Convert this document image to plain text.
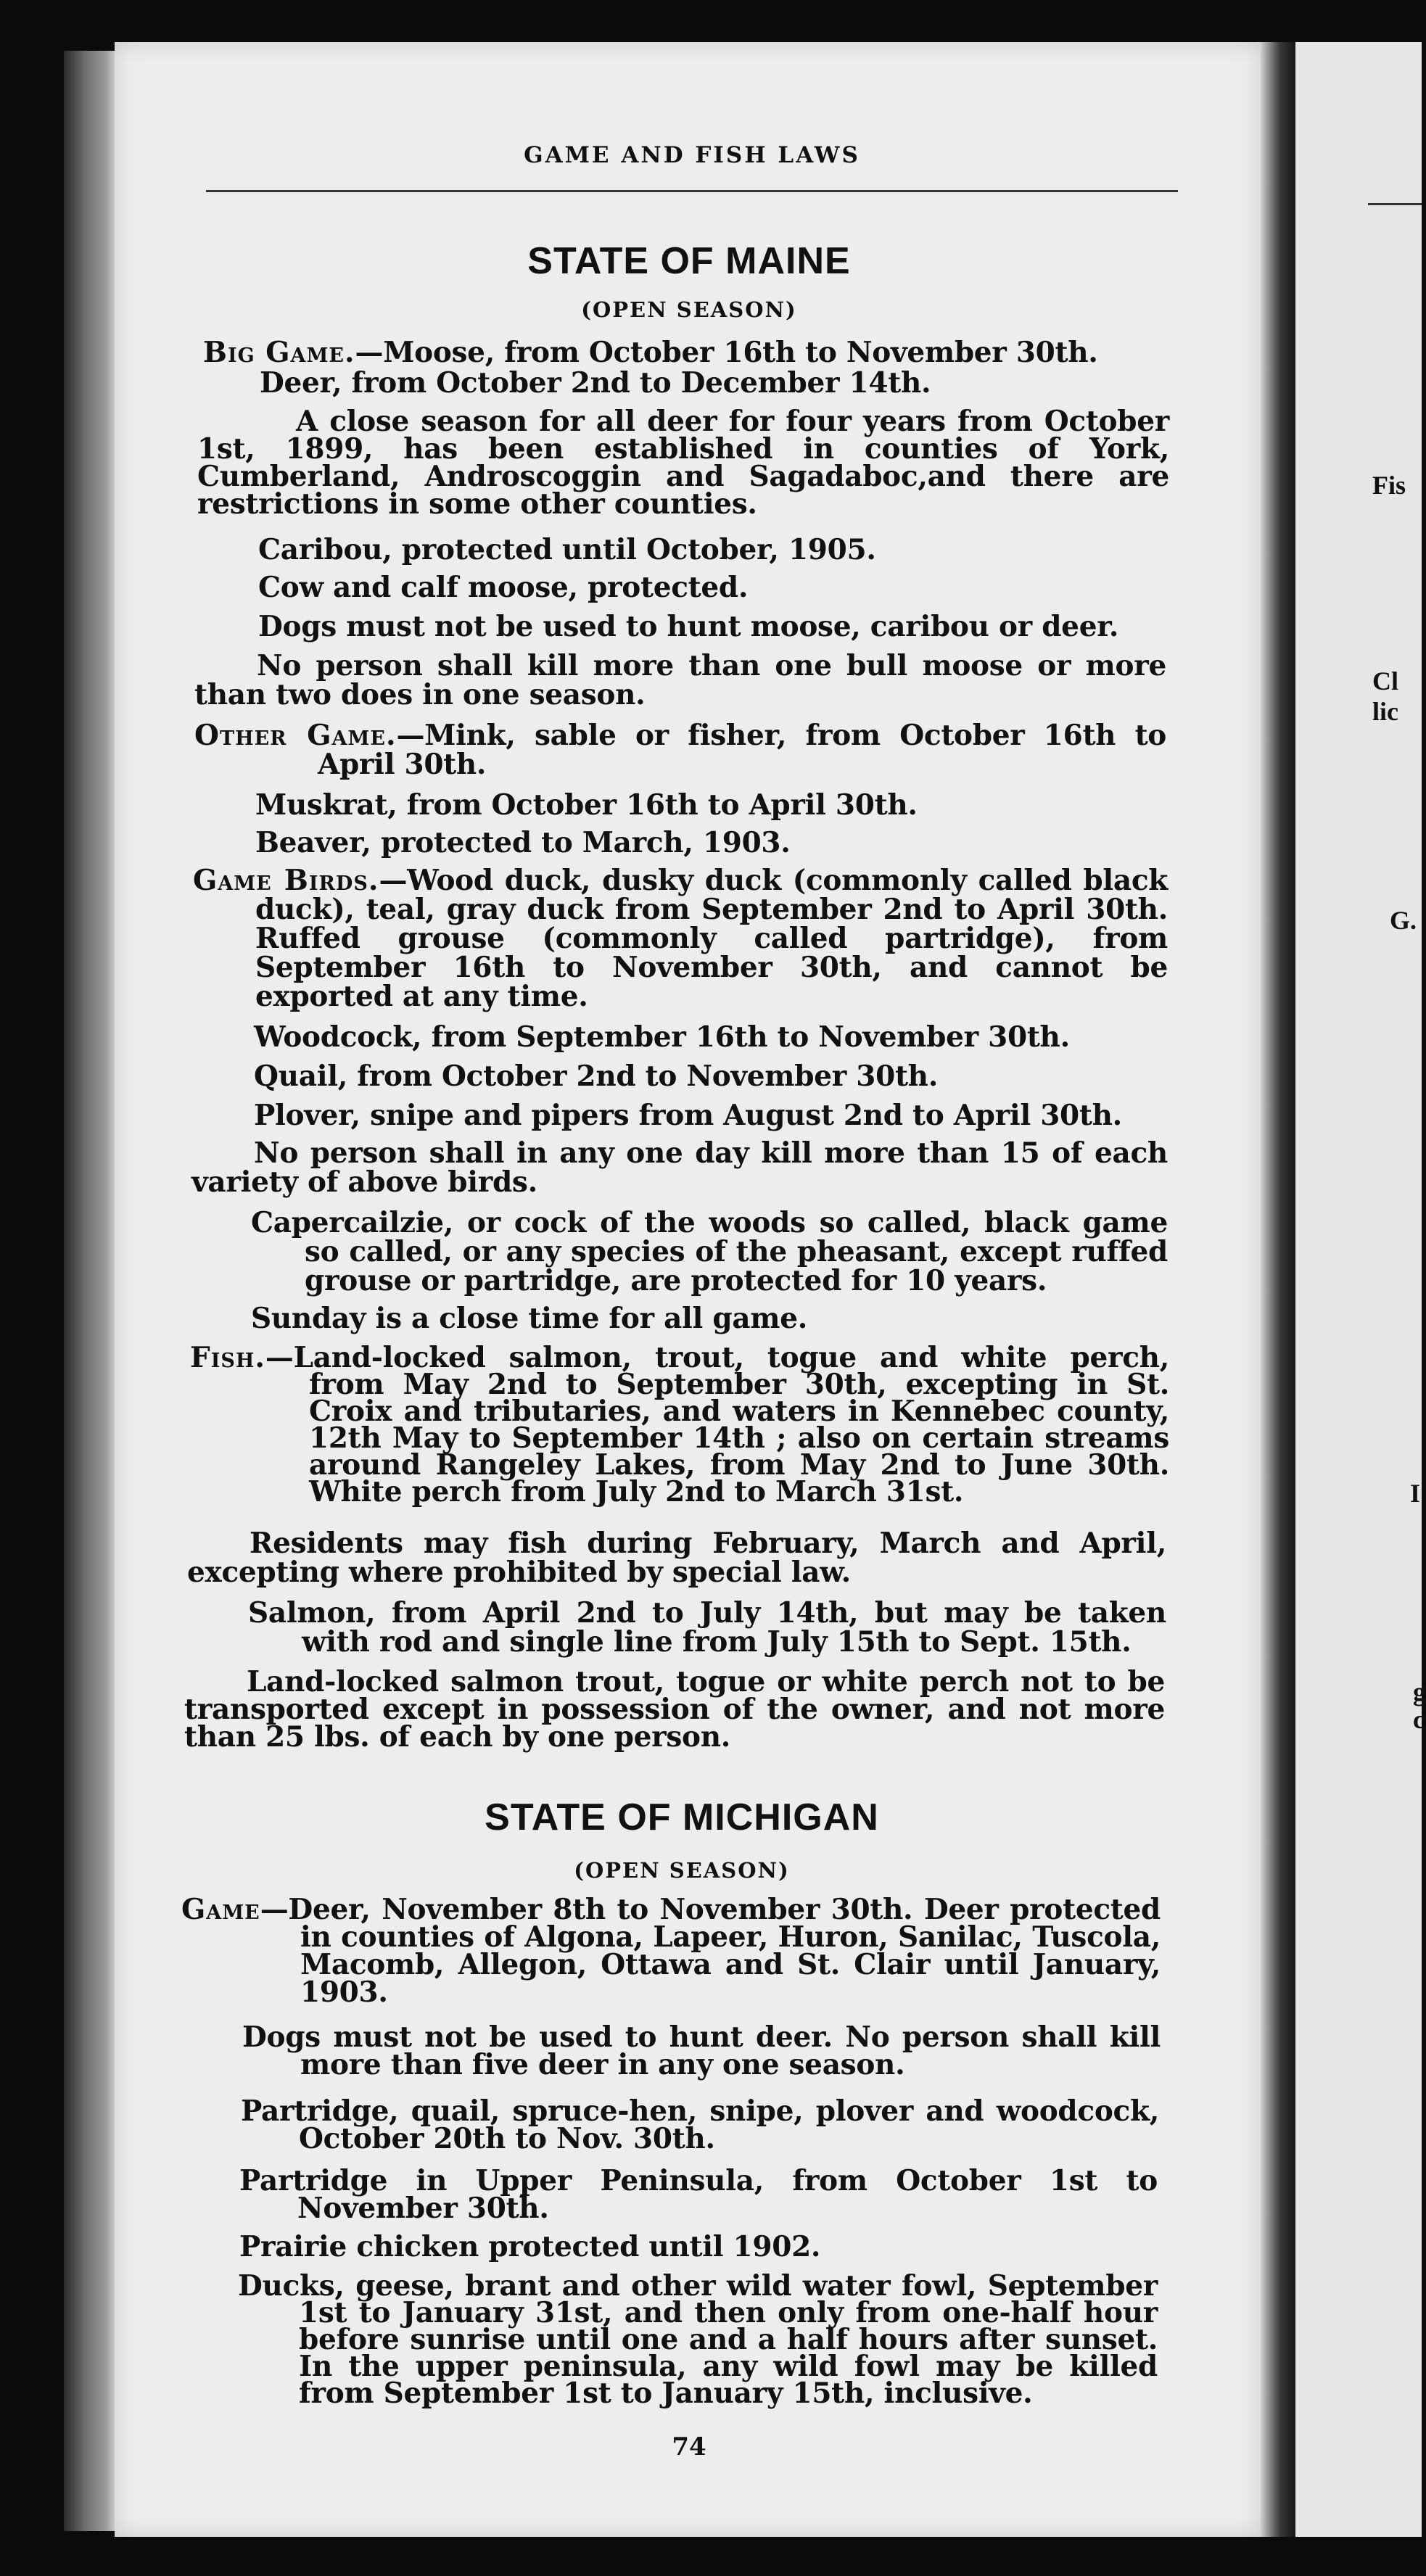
Fis
Cl
lic
G.
I
g
c
GAME AND FISH LAWS
STATE OF MAINE
(OPEN SEASON)
Big Game.—Moose, from October 16th to November 30th.
Deer, from October 2nd to December 14th.
A close season for all deer for four years from October 1st, 1899, has been established in counties of York, Cumberland, Androscoggin and Sagadaboc,and there are restrictions in some other counties.
Caribou, protected until October, 1905.
Cow and calf moose, protected.
Dogs must not be used to hunt moose, caribou or deer.
No person shall kill more than one bull moose or more than two does in one season.
Other Game.—Mink, sable or fisher, from October 16th to April 30th.
Muskrat, from October 16th to April 30th.
Beaver, protected to March, 1903.
Game Birds.—Wood duck, dusky duck (commonly called black duck), teal, gray duck from September 2nd to April 30th. Ruffed grouse (commonly called partridge), from September 16th to November 30th, and cannot be exported at any time.
Woodcock, from September 16th to November 30th.
Quail, from October 2nd to November 30th.
Plover, snipe and pipers from August 2nd to April 30th.
No person shall in any one day kill more than 15 of each variety of above birds.
Capercailzie, or cock of the woods so called, black game so called, or any species of the pheasant, except ruffed grouse or partridge, are protected for 10 years.
Sunday is a close time for all game.
Fish.—Land-locked salmon, trout, togue and white perch, from May 2nd to September 30th, excepting in St. Croix and tributaries, and waters in Kennebec county, 12th May to September 14th ; also on certain streams around Rangeley Lakes, from May 2nd to June 30th. White perch from July 2nd to March 31st.
Residents may fish during February, March and April, excepting where prohibited by special law.
Salmon, from April 2nd to July 14th, but may be taken with rod and single line from July 15th to Sept. 15th.
Land-locked salmon trout, togue or white perch not to be transported except in possession of the owner, and not more than 25 lbs. of each by one person.
STATE OF MICHIGAN
(OPEN SEASON)
Game—Deer, November 8th to November 30th. Deer protected in counties of Algona, Lapeer, Huron, Sanilac, Tuscola, Macomb, Allegon, Ottawa and St. Clair until January, 1903.
Dogs must not be used to hunt deer. No person shall kill more than five deer in any one season.
Partridge, quail, spruce-hen, snipe, plover and woodcock, October 20th to Nov. 30th.
Partridge in Upper Peninsula, from October 1st to November 30th.
Prairie chicken protected until 1902.
Ducks, geese, brant and other wild water fowl, September 1st to January 31st, and then only from one-half hour before sunrise until one and a half hours after sunset. In the upper peninsula, any wild fowl may be killed from September 1st to January 15th, inclusive.
74
